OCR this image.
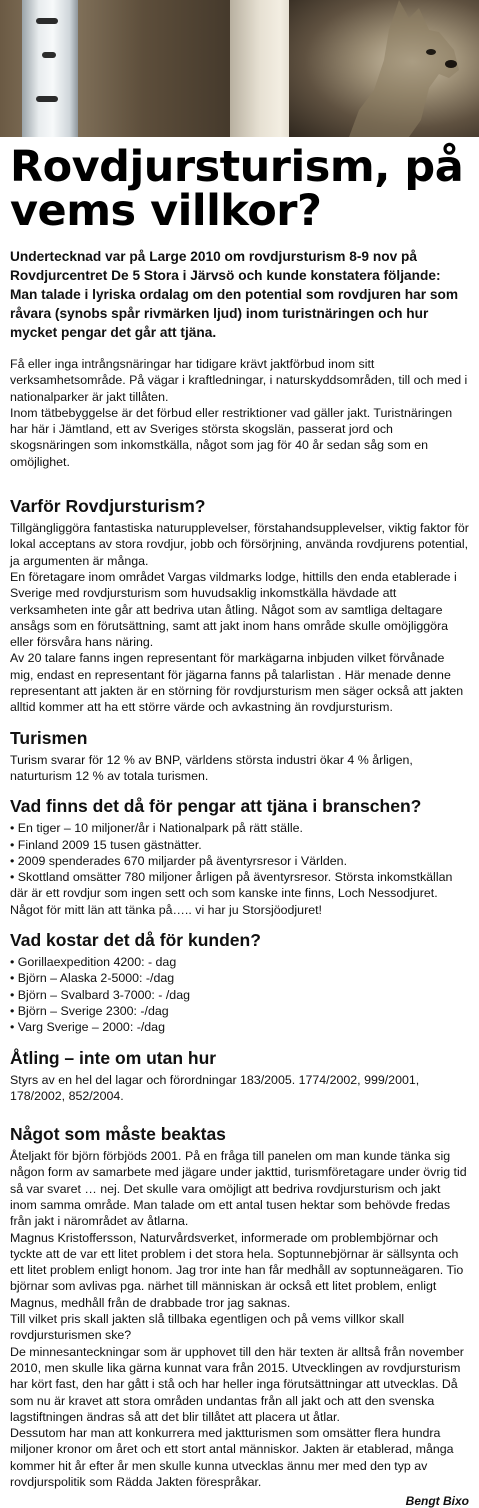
Rovdjursturism, på vems villkor?
Undertecknad var på Large 2010 om rovdjursturism 8-9 nov på Rovdjurcentret De 5 Stora i Järvsö och kunde konstatera följande: Man talade i lyriska ordalag om den potential som rovdjuren har som råvara (synobs spår rivmärken ljud) inom turistnäringen och hur mycket pengar det går att tjäna.
Få eller inga intrångsnäringar har tidigare krävt jaktförbud inom sitt verksamhetsområde. På vägar i kraftledningar, i naturskyddsområden, till och med i nationalparker är jakt tillåten.
Inom tätbebyggelse är det förbud eller restriktioner vad gäller jakt. Turistnäringen har här i Jämtland, ett av Sveriges största skogslän, passerat jord och skogsnäringen som inkomstkälla, något som jag för 40 år sedan såg som en omöjlighet.
Varför Rovdjursturism?
Tillgängliggöra fantastiska naturupplevelser, förstahandsupplevelser, viktig faktor för lokal acceptans av stora rovdjur, jobb och försörjning, använda rovdjurens potential, ja argumenten är många.
En företagare inom området Vargas vildmarks lodge, hittills den enda etablerade i Sverige med rovdjursturism som huvudsaklig inkomstkälla hävdade att verksamheten inte går att bedriva utan åtling. Något som av samtliga deltagare ansågs som en förutsättning, samt att jakt inom hans område skulle omöjliggöra eller försvåra hans näring.
Av 20 talare fanns ingen representant för markägarna inbjuden vilket förvånade mig, endast en representant för jägarna fanns på talarlistan . Här menade denne representant att jakten är en störning för rovdjursturism men säger också att jakten alltid kommer att ha ett större värde och avkastning än rovdjursturism.
Turismen
Turism svarar för 12 % av BNP, världens största industri ökar 4 % årligen, naturturism 12 % av totala turismen.
Vad finns det då för pengar att tjäna i branschen?
• En tiger – 10 miljoner/år i Nationalpark på rätt ställe.
• Finland 2009 15 tusen gästnätter.
• 2009 spenderades 670 miljarder på äventyrsresor i Världen.
• Skottland omsätter 780 miljoner årligen på äventyrsresor. Största inkomstkällan där är ett rovdjur som ingen sett och som kanske inte finns, Loch Nessodjuret. Något för mitt län att tänka på….. vi har ju Storsjöodjuret!
Vad kostar det då för kunden?
• Gorillaexpedition 4200: - dag
• Björn – Alaska 2-5000: -/dag
• Björn – Svalbard 3-7000: - /dag
• Björn – Sverige 2300: -/dag
• Varg Sverige – 2000: -/dag
Åtling – inte om utan hur
Styrs av en hel del lagar och förordningar 183/2005. 1774/2002, 999/2001, 178/2002, 852/2004.
Något som måste beaktas
Åteljakt för björn förbjöds 2001. På en fråga till panelen om man kunde tänka sig någon form av samarbete med jägare under jakttid, turismföretagare under övrig tid så var svaret … nej. Det skulle vara omöjligt att bedriva rovdjursturism och jakt inom samma område. Man talade om ett antal tusen hektar som behövde fredas från jakt i närområdet av åtlarna.
Magnus Kristoffersson, Naturvårdsverket, informerade om problembjörnar och tyckte att de var ett litet problem i det stora hela. Soptunnebjörnar är sällsynta och ett litet problem enligt honom. Jag tror inte han får medhåll av soptunneägaren. Tio björnar som avlivas pga. närhet till människan är också ett litet problem, enligt Magnus, medhåll från de drabbade tror jag saknas.
Till vilket pris skall jakten slå tillbaka egentligen och på vems villkor skall rovdjursturismen ske?
De minnesanteckningar som är upphovet till den här texten är alltså från november 2010, men skulle lika gärna kunnat vara från 2015. Utvecklingen av rovdjursturism har kört fast, den har gått i stå och har heller inga förutsättningar att utvecklas. Då som nu är kravet att stora områden undantas från all jakt och att den svenska lagstiftningen ändras så att det blir tillåtet att placera ut åtlar.
Dessutom har man att konkurrera med jaktturismen som omsätter flera hundra miljoner kronor om året och ett stort antal människor. Jakten är etablerad, många kommer hit år efter år men skulle kunna utvecklas ännu mer med den typ av rovdjurspolitik som Rädda Jakten förespråkar.
Bengt Bixo
